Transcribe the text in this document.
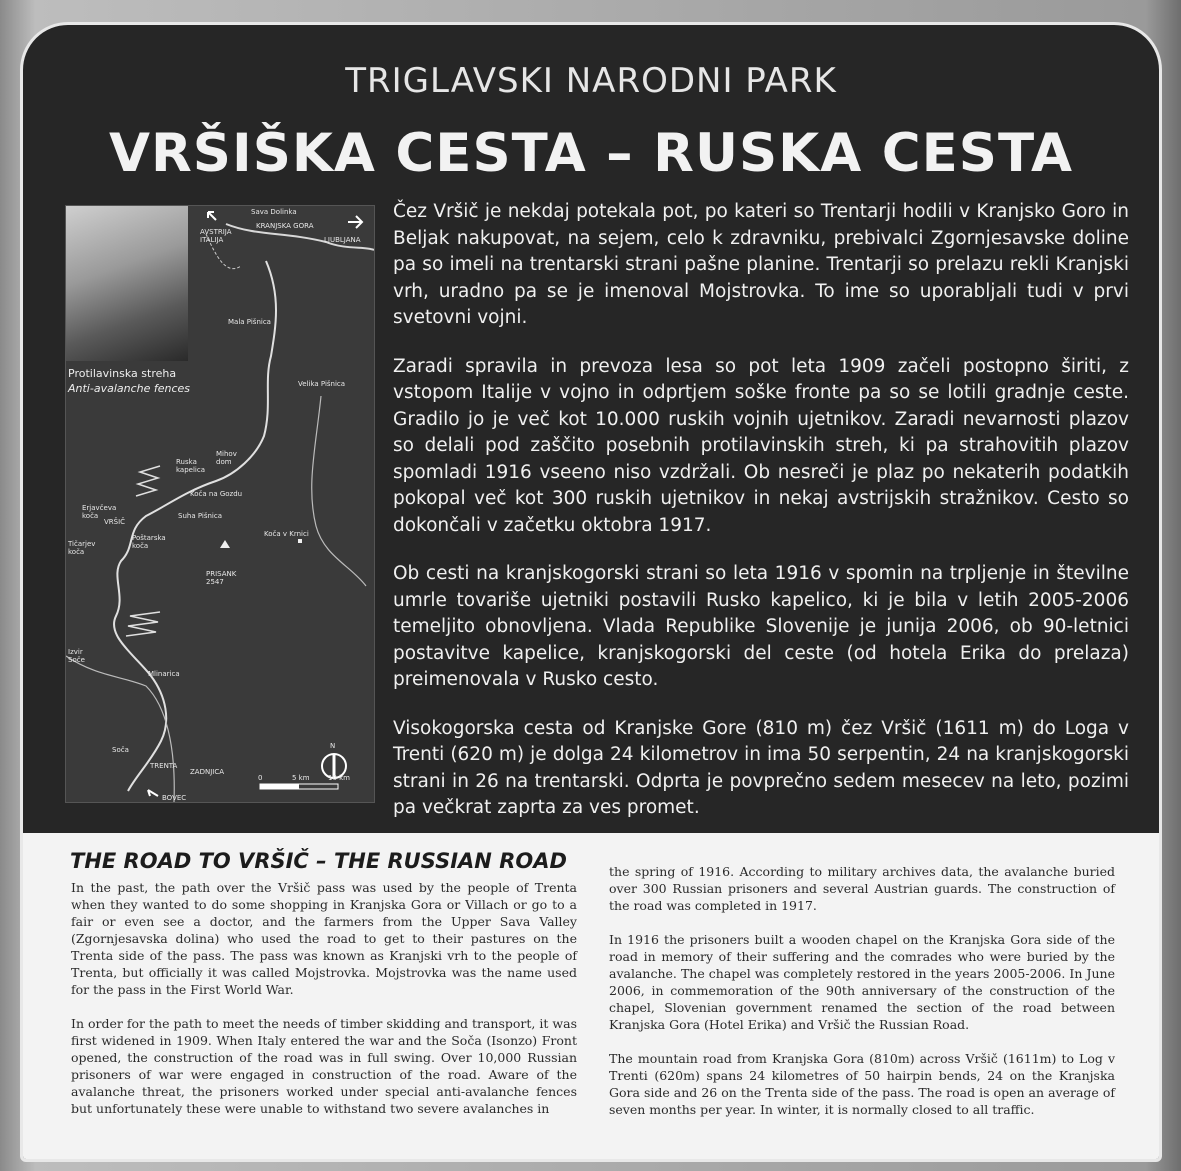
TRIGLAVSKI NARODNI PARK
VRŠIŠKA CESTA – RUSKA CESTA
Protilavinska streha
Anti-avalanche fences
Sava Dolinka
KRANJSKA GORA
LJUBLJANA
AVSTRIJA
ITALIJA
Mala Pišnica
Velika Pišnica
Mihov
dom
Ruska
kapelica
Koča na Gozdu
Erjavčeva
koča
VRŠIČ
Tičarjev
koča
Poštarska
koča
Suha Pišnica
Koča v Krnici
PRISANK
2547
Izvir
Soče
Mlinarica
Soča
TRENTA
ZADNJICA
BOVEC
N
0	5 km	10 km

Čez Vršič je nekdaj potekala pot, po kateri so Trentarji hodili v Kranjsko Goro in Beljak nakupovat, na sejem, celo k zdravniku, prebivalci Zgornjesavske doline pa so imeli na trentarski strani pašne planine. Trentarji so prelazu rekli Kranjski vrh, uradno pa se je imenoval Mojstrovka. To ime so uporabljali tudi v prvi svetovni vojni.

Zaradi spravila in prevoza lesa so pot leta 1909 začeli postopno širiti, z vstopom Italije v vojno in odprtjem soške fronte pa so se lotili gradnje ceste. Gradilo jo je več kot 10.000 ruskih vojnih ujetnikov. Zaradi nevarnosti plazov so delali pod zaščito posebnih protilavinskih streh, ki pa strahovitih plazov spomladi 1916 vseeno niso vzdržali. Ob nesreči je plaz po nekaterih podatkih pokopal več kot 300 ruskih ujetnikov in nekaj avstrijskih stražnikov. Cesto so dokončali v začetku oktobra 1917.

Ob cesti na kranjskogorski strani so leta 1916 v spomin na trpljenje in številne umrle tovariše ujetniki postavili Rusko kapelico, ki je bila v letih 2005-2006 temeljito obnovljena. Vlada Republike Slovenije je junija 2006, ob 90-letnici postavitve kapelice, kranjskogorski del ceste (od hotela Erika do prelaza) preimenovala v Rusko cesto.

Visokogorska cesta od Kranjske Gore (810 m) čez Vršič (1611 m) do Loga v Trenti (620 m) je dolga 24 kilometrov in ima 50 serpentin, 24 na kranjskogorski strani in 26 na trentarski. Odprta je povprečno sedem mesecev na leto, pozimi pa večkrat zaprta za ves promet.

THE ROAD TO VRŠIČ – THE RUSSIAN ROAD

In the past, the path over the Vršič pass was used by the people of Trenta when they wanted to do some shopping in Kranjska Gora or Villach or go to a fair or even see a doctor, and the farmers from the Upper Sava Valley (Zgornjesavska dolina) who used the road to get to their pastures on the Trenta side of the pass. The pass was known as Kranjski vrh to the people of Trenta, but officially it was called Mojstrovka. Mojstrovka was the name used for the pass in the First World War.

In order for the path to meet the needs of timber skidding and transport, it was first widened in 1909. When Italy entered the war and the Soča (Isonzo) Front opened, the construction of the road was in full swing. Over 10,000 Russian prisoners of war were engaged in construction of the road. Aware of the avalanche threat, the prisoners worked under special anti-avalanche fences but unfortunately these were unable to withstand two severe avalanches in

the spring of 1916. According to military archives data, the avalanche buried over 300 Russian prisoners and several Austrian guards. The construction of the road was completed in 1917.

In 1916 the prisoners built a wooden chapel on the Kranjska Gora side of the road in memory of their suffering and the comrades who were buried by the avalanche. The chapel was completely restored in the years 2005-2006. In June 2006, in commemoration of the 90th anniversary of the construction of the chapel, Slovenian government renamed the section of the road between Kranjska Gora (Hotel Erika) and Vršič the Russian Road.

The mountain road from Kranjska Gora (810m) across Vršič (1611m) to Log v Trenti (620m) spans 24 kilometres of 50 hairpin bends, 24 on the Kranjska Gora side and 26 on the Trenta side of the pass. The road is open an average of seven months per year. In winter, it is normally closed to all traffic.
